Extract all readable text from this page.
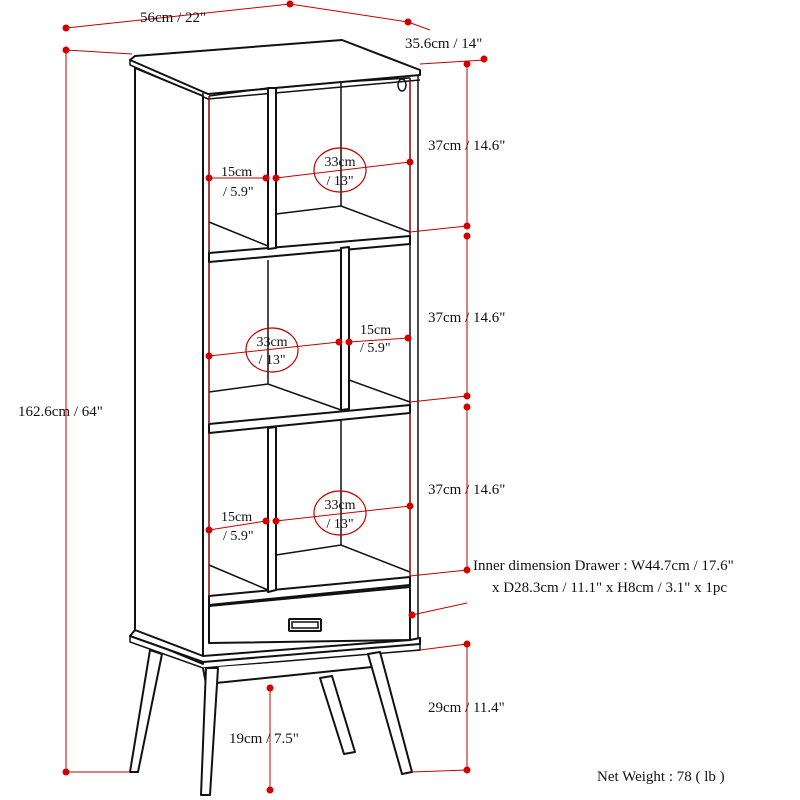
56cm / 22"
35.6cm / 14"
162.6cm / 64"
37cm / 14.6"
37cm / 14.6"
37cm / 14.6"
15cm
/ 5.9"
33cm
/ 13"
33cm
/ 13"
15cm
/ 5.9"
15cm
/ 5.9"
33cm
/ 13"
Inner dimension Drawer : W44.7cm / 17.6"
x D28.3cm / 11.1" x H8cm / 3.1" x 1pc
29cm / 11.4"
19cm / 7.5"
Net Weight : 78 ( lb )
